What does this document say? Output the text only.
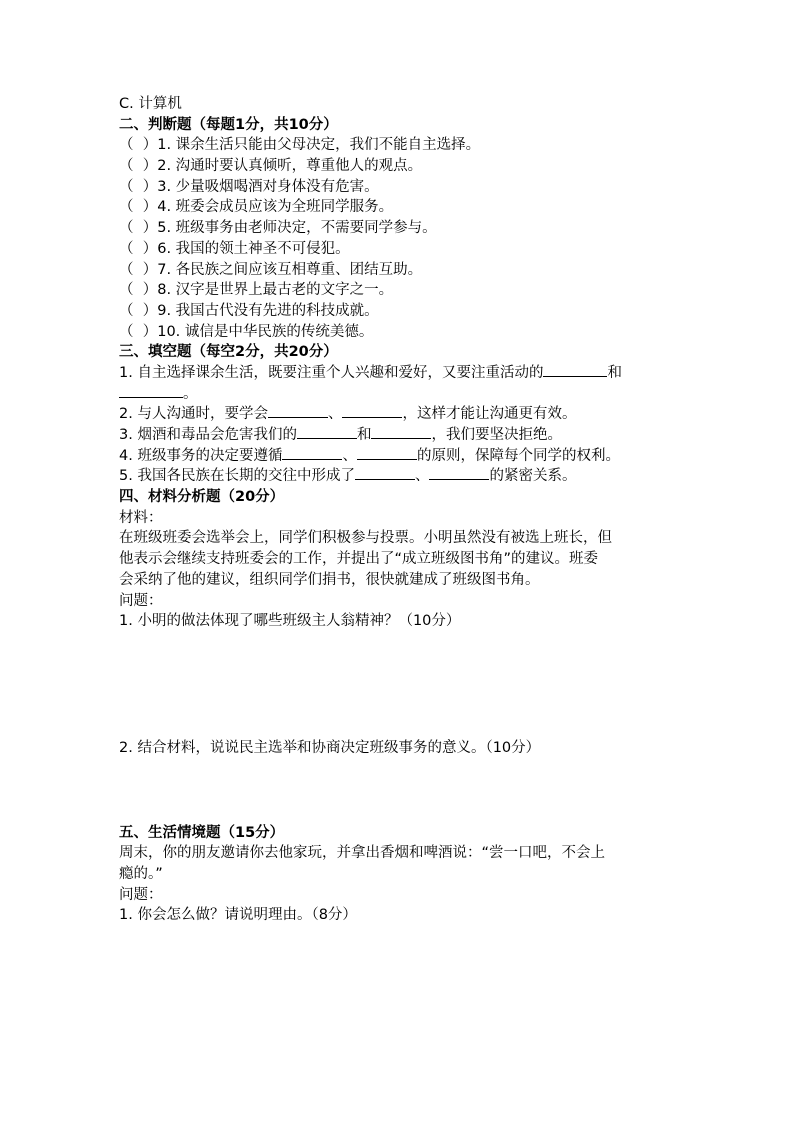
C. 计算机
二、判断题（每题1分，共10分）
（  ）1. 课余生活只能由父母决定，我们不能自主选择。
（  ）2. 沟通时要认真倾听，尊重他人的观点。
（  ）3. 少量吸烟喝酒对身体没有危害。
（  ）4. 班委会成员应该为全班同学服务。
（  ）5. 班级事务由老师决定，不需要同学参与。
（  ）6. 我国的领土神圣不可侵犯。
（  ）7. 各民族之间应该互相尊重、团结互助。
（  ）8. 汉字是世界上最古老的文字之一。
（  ）9. 我国古代没有先进的科技成就。
（  ）10. 诚信是中华民族的传统美德。
三、填空题（每空2分，共20分）
1. 自主选择课余生活，既要注重个人兴趣和爱好，又要注重活动的	和
。
2. 与人沟通时，要学会	、	，这样才能让沟通更有效。
3. 烟酒和毒品会危害我们的	和	，我们要坚决拒绝。
4. 班级事务的决定要遵循	、	的原则，保障每个同学的权利。
5. 我国各民族在长期的交往中形成了	、	的紧密关系。
四、材料分析题（20分）
材料：
在班级班委会选举会上，同学们积极参与投票。小明虽然没有被选上班长，但
他表示会继续支持班委会的工作，并提出了“成立班级图书角”的建议。班委
会采纳了他的建议，组织同学们捐书，很快就建成了班级图书角。
问题：
1. 小明的做法体现了哪些班级主人翁精神？（10分）
2. 结合材料，说说民主选举和协商决定班级事务的意义。（10分）
五、生活情境题（15分）
周末，你的朋友邀请你去他家玩，并拿出香烟和啤酒说：“尝一口吧，不会上
瘾的。”
问题：
1. 你会怎么做？请说明理由。（8分）
